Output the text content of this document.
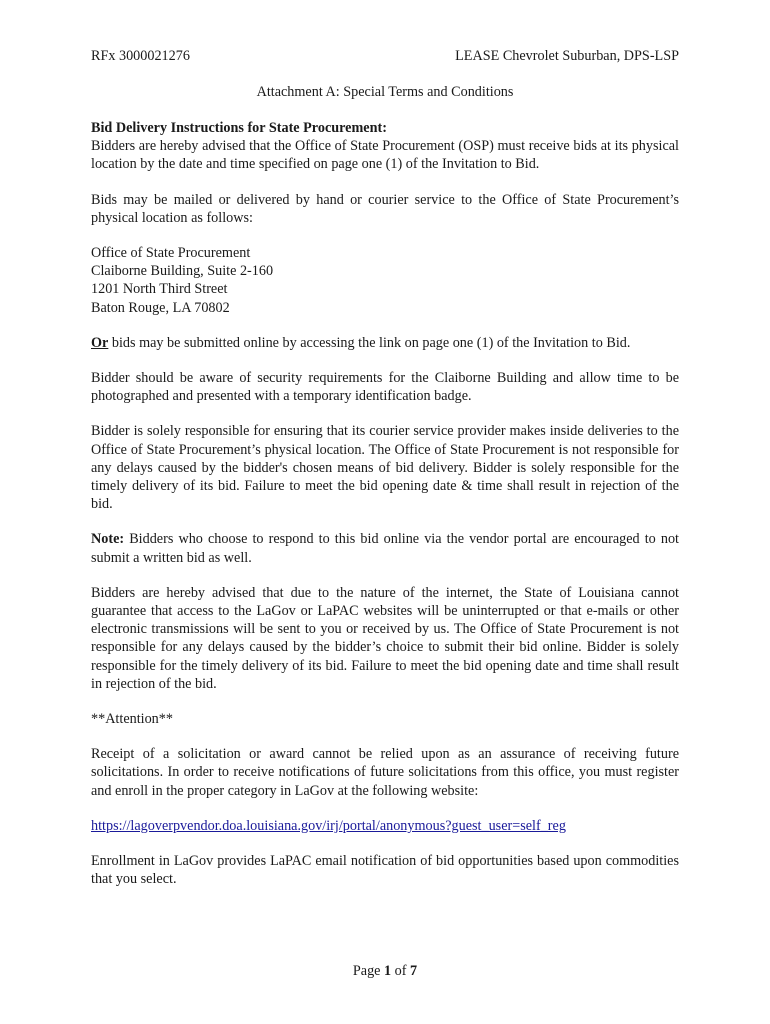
RFx 3000021276	LEASE Chevrolet Suburban, DPS-LSP
Attachment A: Special Terms and Conditions

Bid Delivery Instructions for State Procurement:
Bidders are hereby advised that the Office of State Procurement (OSP) must receive bids at its physical location by the date and time specified on page one (1) of the Invitation to Bid.

Bids may be mailed or delivered by hand or courier service to the Office of State Procurement’s physical location as follows:

Office of State Procurement
Claiborne Building, Suite 2-160
1201 North Third Street
Baton Rouge, LA 70802

Or bids may be submitted online by accessing the link on page one (1) of the Invitation to Bid.

Bidder should be aware of security requirements for the Claiborne Building and allow time to be photographed and presented with a temporary identification badge.

Bidder is solely responsible for ensuring that its courier service provider makes inside deliveries to the Office of State Procurement’s physical location. The Office of State Procurement is not responsible for any delays caused by the bidder's chosen means of bid delivery. Bidder is solely responsible for the timely delivery of its bid. Failure to meet the bid opening date & time shall result in rejection of the bid.

Note: Bidders who choose to respond to this bid online via the vendor portal are encouraged to not submit a written bid as well.

Bidders are hereby advised that due to the nature of the internet, the State of Louisiana cannot guarantee that access to the LaGov or LaPAC websites will be uninterrupted or that e-mails or other electronic transmissions will be sent to you or received by us. The Office of State Procurement is not responsible for any delays caused by the bidder’s choice to submit their bid online. Bidder is solely responsible for the timely delivery of its bid. Failure to meet the bid opening date and time shall result in rejection of the bid.

**Attention**

Receipt of a solicitation or award cannot be relied upon as an assurance of receiving future solicitations. In order to receive notifications of future solicitations from this office, you must register and enroll in the proper category in LaGov at the following website:

https://lagoverpvendor.doa.louisiana.gov/irj/portal/anonymous?guest_user=self_reg

Enrollment in LaGov provides LaPAC email notification of bid opportunities based upon commodities that you select.

Page 1 of 7
